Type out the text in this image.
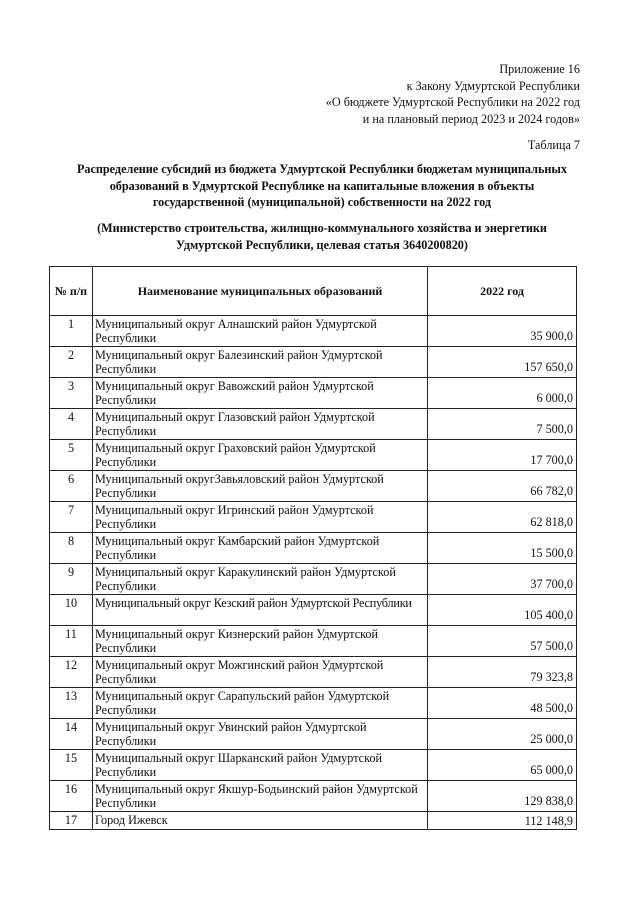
Приложение 16
к Закону Удмуртской Республики
«О бюджете Удмуртской Республики на 2022 год
и на плановый период 2023 и 2024 годов»
Таблица 7
Распределение субсидий из бюджета Удмуртской Республики бюджетам муниципальных
образований в Удмуртской Республике на капитальные вложения в объекты
государственной (муниципальной) собственности на 2022 год
(Министерство строительства, жилищно-коммунального хозяйства и энергетики
Удмуртской Республики, целевая статья 3640200820)
№ п/п	Наименование муниципальных образований	2022 год
1	Муниципальный округ Алнашский район Удмуртской Республики	35 900,0
2	Муниципальный округ Балезинский район Удмуртской Республики	157 650,0
3	Муниципальный округ Вавожский район Удмуртской Республики	6 000,0
4	Муниципальный округ Глазовский район Удмуртской Республики	7 500,0
5	Муниципальный округ Граховский район Удмуртской Республики	17 700,0
6	Муниципальный округЗавьяловский район Удмуртской Республики	66 782,0
7	Муниципальный округ Игринский район Удмуртской Республики	62 818,0
8	Муниципальный округ Камбарский район Удмуртской Республики	15 500,0
9	Муниципальный округ Каракулинский район Удмуртской Республики	37 700,0
10	Муниципальный округ Кезский район Удмуртской Республики	105 400,0
11	Муниципальный округ Кизнерский район Удмуртской Республики	57 500,0
12	Муниципальный округ Можгинский район Удмуртской Республики	79 323,8
13	Муниципальный округ Сарапульский район Удмуртской Республики	48 500,0
14	Муниципальный округ Увинский район Удмуртской Республики	25 000,0
15	Муниципальный округ Шарканский район Удмуртской Республики	65 000,0
16	Муниципальный округ Якшур-Бодьинский район Удмуртской Республики	129 838,0
17	Город Ижевск	112 148,9
